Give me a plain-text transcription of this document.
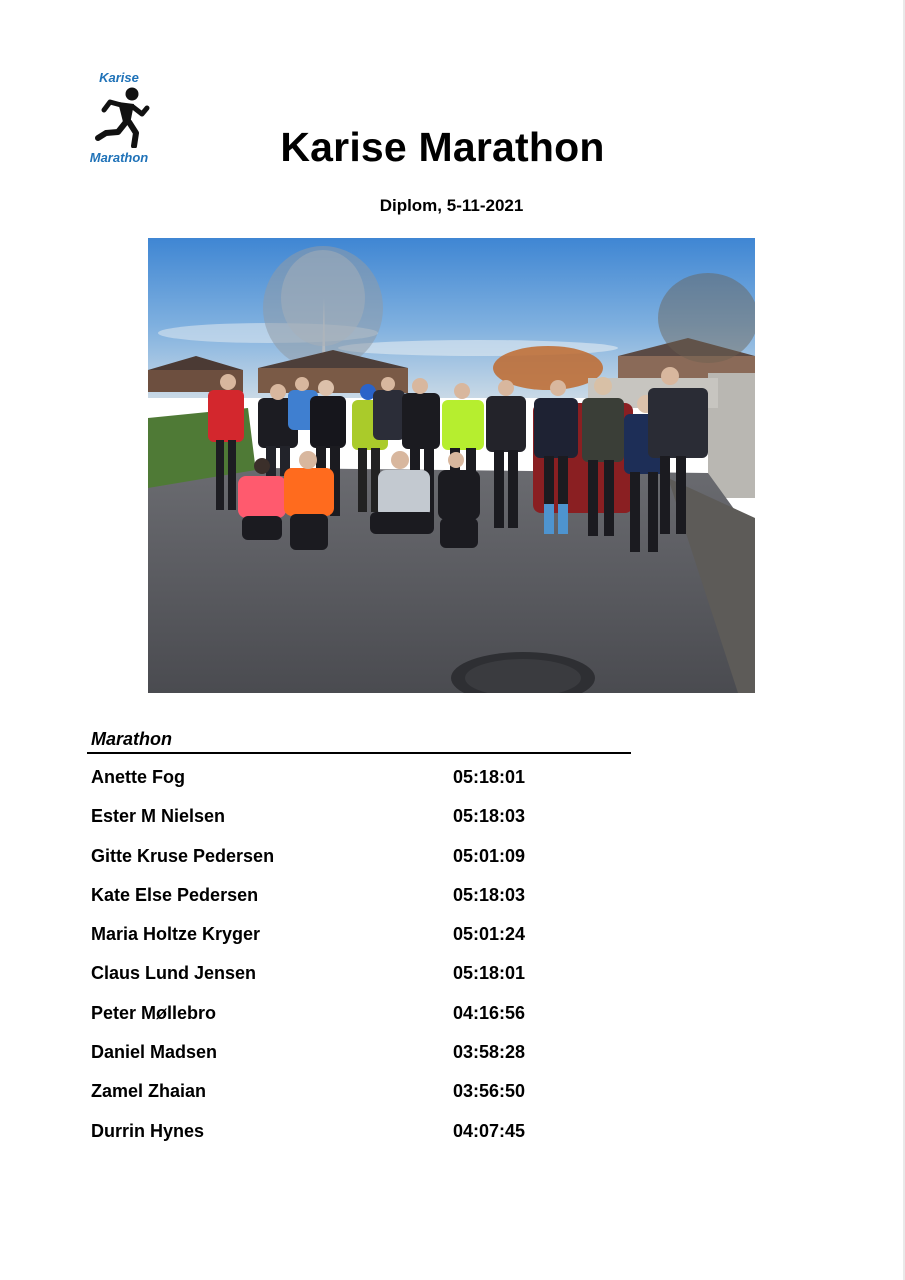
Karise
Marathon	Karise Marathon
Diplom, 5-11-2021
Marathon
Anette Fog	05:18:01
Ester M Nielsen	05:18:03
Gitte Kruse Pedersen	05:01:09
Kate Else Pedersen	05:18:03
Maria Holtze Kryger	05:01:24
Claus Lund Jensen	05:18:01
Peter Møllebro	04:16:56
Daniel Madsen	03:58:28
Zamel Zhaian	03:56:50
Durrin Hynes	04:07:45
